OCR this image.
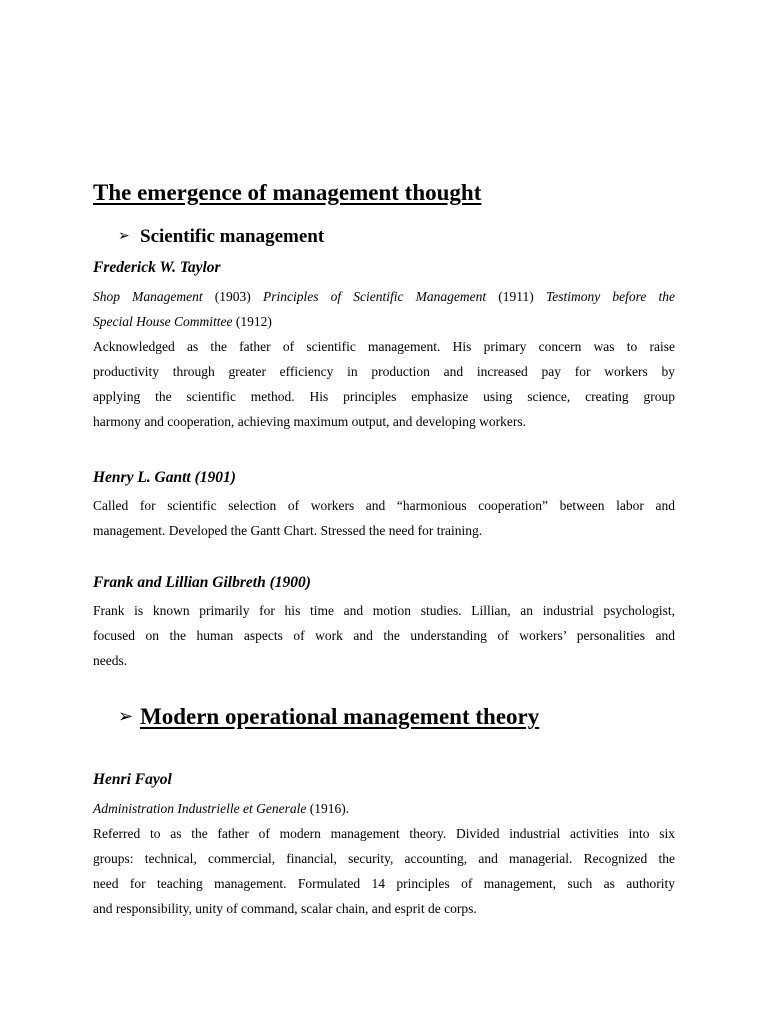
The emergence of management thought
➢ Scientific management
Frederick W. Taylor
Shop Management (1903) Principles of Scientific Management (1911) Testimony before the
Special House Committee (1912)
Acknowledged as the father of scientific management. His primary concern was to raise
productivity through greater efficiency in production and increased pay for workers by
applying the scientific method. His principles emphasize using science, creating group
harmony and cooperation, achieving maximum output, and developing workers.
Henry L. Gantt (1901)
Called for scientific selection of workers and “harmonious cooperation” between labor and
management. Developed the Gantt Chart. Stressed the need for training.
Frank and Lillian Gilbreth (1900)
Frank is known primarily for his time and motion studies. Lillian, an industrial psychologist,
focused on the human aspects of work and the understanding of workers’ personalities and
needs.
➢ Modern operational management theory
Henri Fayol
Administration Industrielle et Generale (1916).
Referred to as the father of modern management theory. Divided industrial activities into six
groups: technical, commercial, financial, security, accounting, and managerial. Recognized the
need for teaching management. Formulated 14 principles of management, such as authority
and responsibility, unity of command, scalar chain, and esprit de corps.
